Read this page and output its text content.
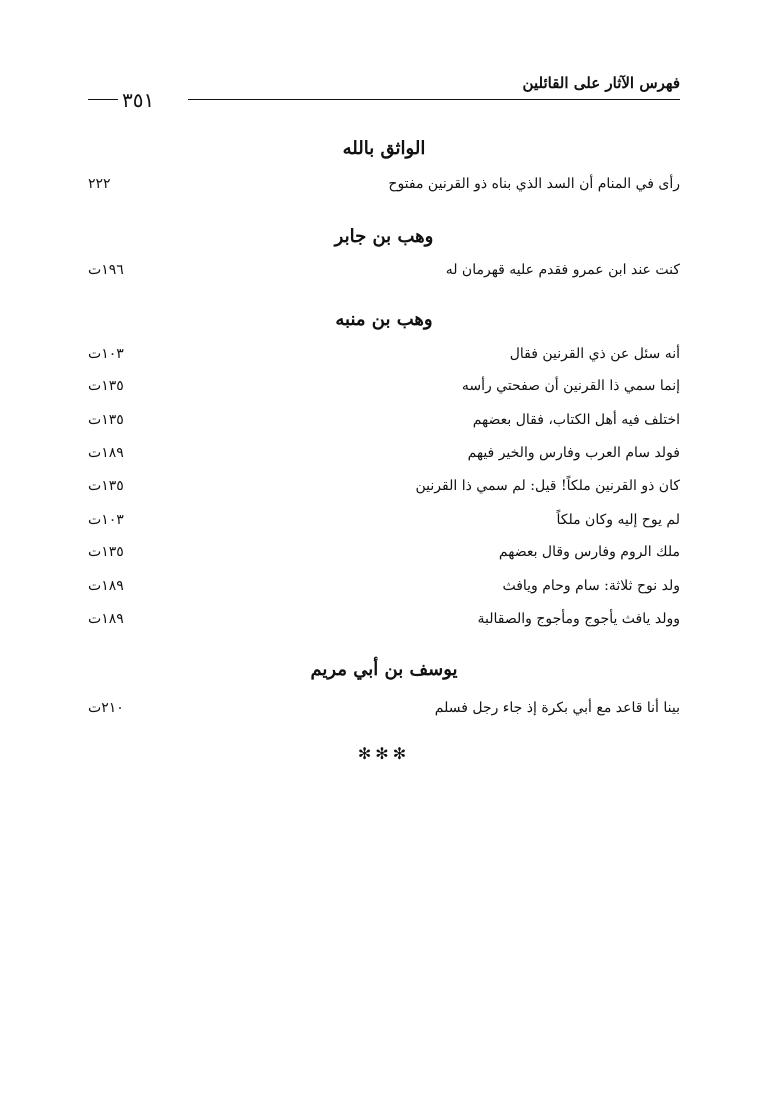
فهرس الآثار على القائلين
٣٥١
الواثق بالله
رأى في المنام أن السد الذي بناه ذو القرنين مفتوح
٢٢٢
وهب بن جابر
كنت عند ابن عمرو فقدم عليه قهرمان له
١٩٦ت
وهب بن منبه
أنه سئل عن ذي القرنين فقال
١٠٣ت
إنما سمي ذا القرنين أن صفحتي رأسه
١٣٥ت
اختلف فيه أهل الكتاب، فقال بعضهم
١٣٥ت
فولد سام العرب وفارس والخير فيهم
١٨٩ت
كان ذو القرنين ملكاً! قيل: لم سمي ذا القرنين
١٣٥ت
لم يوح إليه وكان ملكاً
١٠٣ت
ملك الروم وفارس وقال بعضهم
١٣٥ت
ولد نوح ثلاثة: سام وحام ويافث
١٨٩ت
وولد يافث يأجوج ومأجوج والصقالبة
١٨٩ت
يوسف بن أبي مريم
بينا أنا قاعد مع أبي بكرة إذ جاء رجل فسلم
٢١٠ت
✻✻✻
